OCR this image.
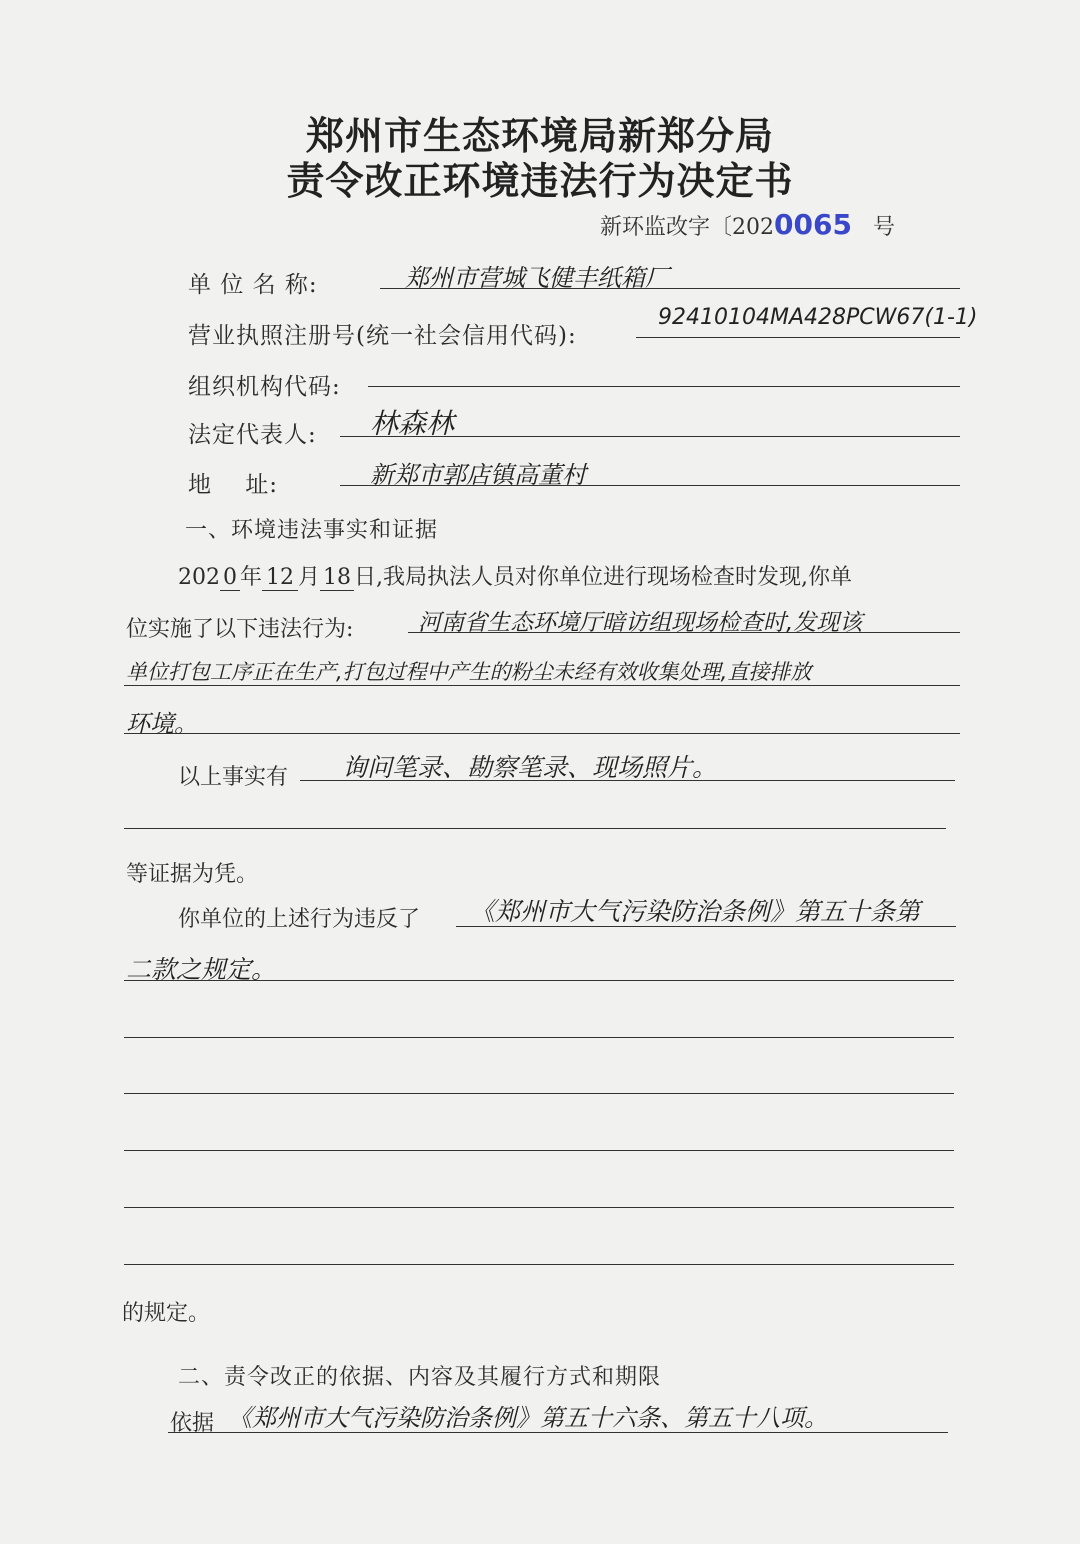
郑州市生态环境局新郑分局
责令改正环境违法行为决定书
新环监改字〔2020065 号
单 位 名 称:	郑州市营城飞健丰纸箱厂
营业执照注册号(统一社会信用代码):
92410104MA428PCW67(1-1)
组织机构代码:
法定代表人: 林森林
地    址:	新郑市郭店镇高董村
一、环境违法事实和证据
202 0 年 12 月 18 日,我局执法人员对你单位进行现场检查时发现,你单
位实施了以下违法行为:	河南省生态环境厅暗访组现场检查时,发现该
单位打包工序正在生产,打包过程中产生的粉尘未经有效收集处理,直接排放
环境。
以上事实有 询问笔录、勘察笔录、现场照片。
等证据为凭。
你单位的上述行为违反了 《郑州市大气污染防治条例》第五十条第
二款之规定。
的规定。
二、责令改正的依据、内容及其履行方式和期限
依据 《郑州市大气污染防治条例》第五十六条、第五十八项。
